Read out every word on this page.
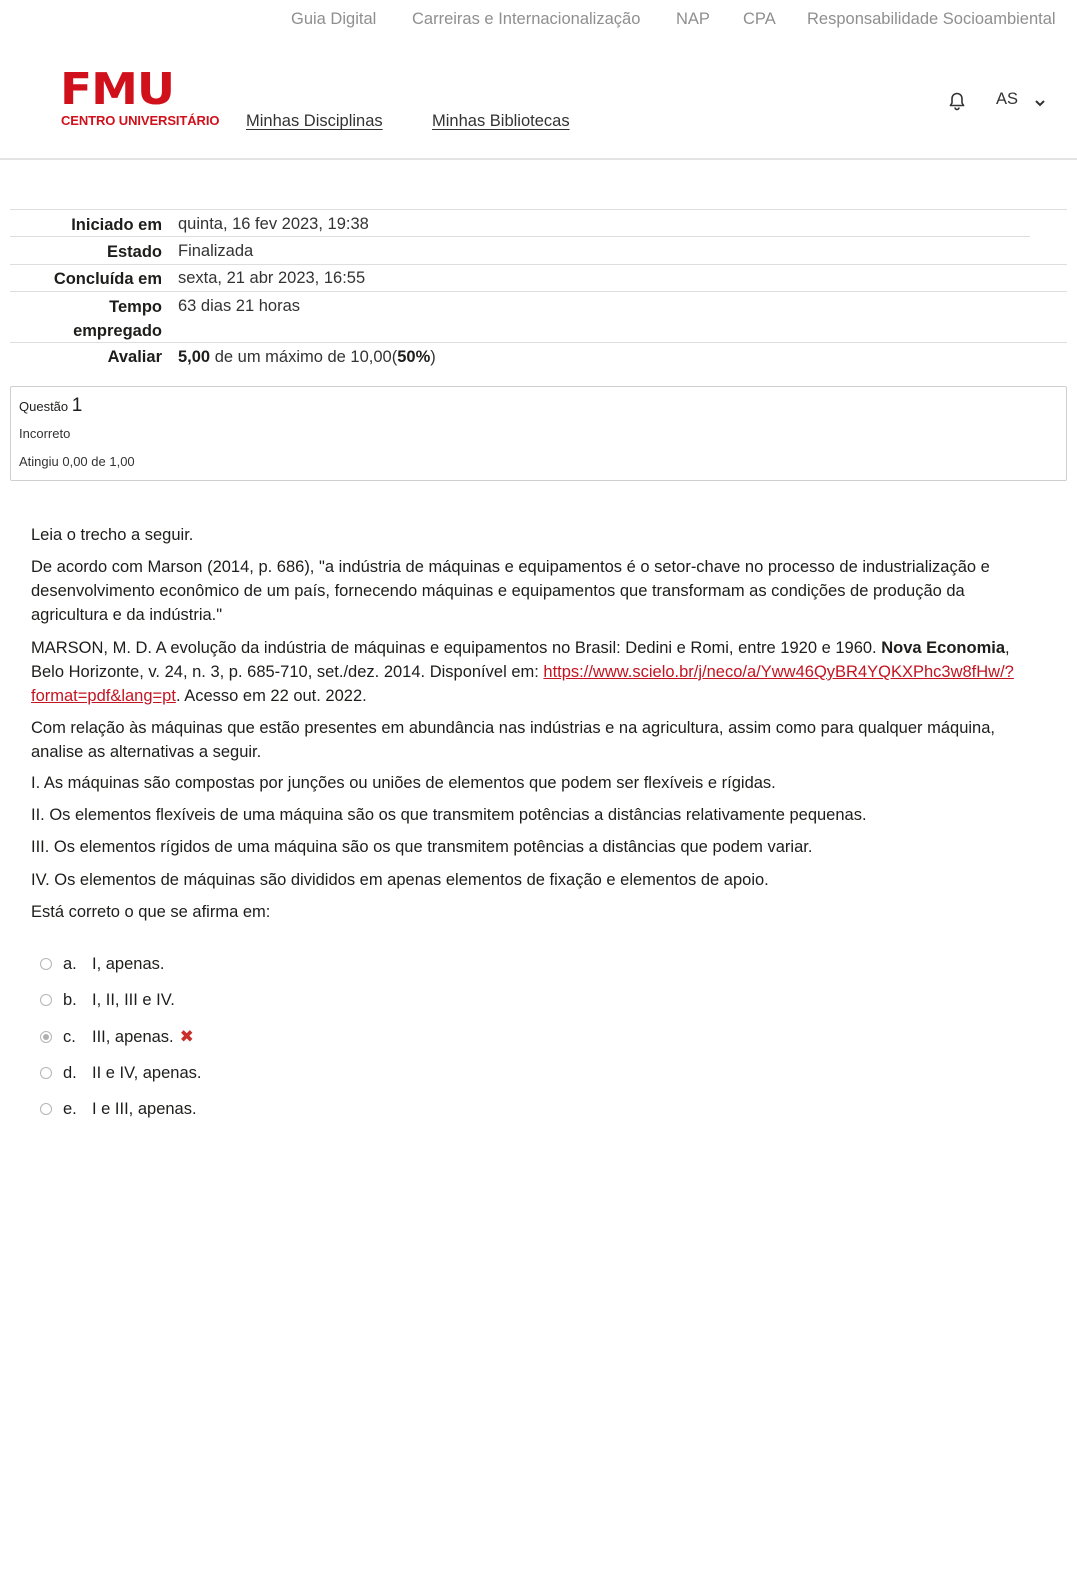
Guia Digital Carreiras e Internacionalização NAP CPA Responsabilidade Socioambiental
FMU
CENTRO UNIVERSITÁRIO Minhas Disciplinas	Minhas Bibliotecas
AS
Iniciado em quinta, 16 fev 2023, 19:38
Estado Finalizada
Concluída em sexta, 21 abr 2023, 16:55
Tempo
empregado
63 dias 21 horas
Avaliar 5,00 de um máximo de 10,00(50%)
Questão 1
Incorreto
Atingiu 0,00 de 1,00
Leia o trecho a seguir.
De acordo com Marson (2014, p. 686), "a indústria de máquinas e equipamentos é o setor-chave no processo de industrialização e desenvolvimento econômico de um país, fornecendo máquinas e equipamentos que transformam as condições de produção da agricultura e da indústria."
MARSON, M. D. A evolução da indústria de máquinas e equipamentos no Brasil: Dedini e Romi, entre 1920 e 1960. Nova Economia, Belo Horizonte, v. 24, n. 3, p. 685-710, set./dez. 2014. Disponível em: https://www.scielo.br/j/neco/a/Yww46QyBR4YQKXPhc3w8fHw/?
format=pdf&lang=pt. Acesso em 22 out. 2022.
Com relação às máquinas que estão presentes em abundância nas indústrias e na agricultura, assim como para qualquer máquina, analise as alternativas a seguir.
I. As máquinas são compostas por junções ou uniões de elementos que podem ser flexíveis e rígidas.
II. Os elementos flexíveis de uma máquina são os que transmitem potências a distâncias relativamente pequenas.
III. Os elementos rígidos de uma máquina são os que transmitem potências a distâncias que podem variar.
IV. Os elementos de máquinas são divididos em apenas elementos de fixação e elementos de apoio.
Está correto o que se afirma em:
a. I, apenas.
b. I, II, III e IV.
c. III, apenas. ✖
d. II e IV, apenas.
e. I e III, apenas.
